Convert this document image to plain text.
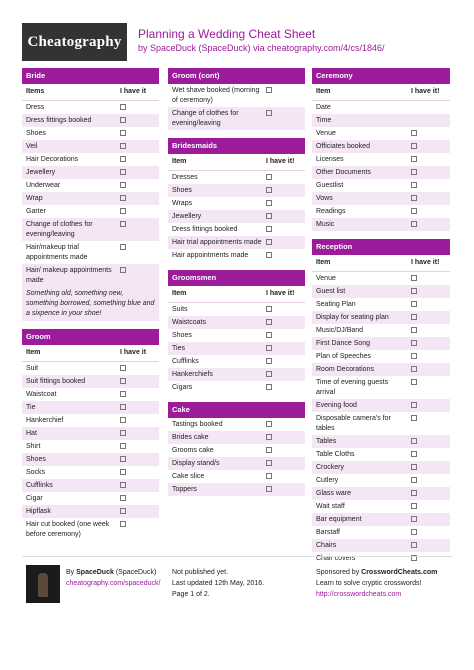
Cheatography	Planning a Wedding Cheat Sheet
by SpaceDuck (SpaceDuck) via cheatography.com/4/cs/1846/
Bride
Items	I have it
Dress
Dress fittings booked
Shoes
Veil
Hair Decorations
Jewellery
Underwear
Wrap
Garter
Change of clothes for evening/leaving
Hair/makeup trial appointments made
Hair/ makeup appointments made
Something old, something new, something borrowed, something blue and a sixpence in your shoe!
Groom
Item	I have it
Suit
Suit fittings booked
Waistcoat
Tie
Hankerchief
Hat
Shirt
Shoes
Socks
Cufflinks
Cigar
Hipflask
Hair cut booked (one week before ceremony)
Groom (cont)
Wet shave booked (morning of ceremony)
Change of clothes for evening/leaving
Bridesmaids
Item	I have it!
Dresses
Shoes
Wraps
Jewellery
Dress fittings booked
Hair trial appointments made
Hair appointments made
Groomsmen
Item	I have it!
Suits
Waistcoats
Shoes
Ties
Cufflinks
Hankerchiefs
Cigars
Cake
Tastings booked
Brides cake
Grooms cake
Display stand/s
Cake slice
Toppers
Ceremony
Item	I have it!
Date
Time
Venue
Officiates booked
Licenses
Other Documents
Guestlist
Vows
Readings
Music
Reception
Item	I have it!
Venue
Guest list
Seating Plan
Display for seating plan
Music/DJ/Band
First Dance Song
Plan of Speeches
Room Decorations
Time of evening guests arrival
Evening food
Disposable camera's for tables
Tables
Table Cloths
Crockery
Cutlery
Glass ware
Wait staff
Bar equipment
Barstaff
Chairs
Chair covers
By SpaceDuck (SpaceDuck)
cheatography.com/spaceduck/
Not published yet.
Last updated 12th May, 2016.
Page 1 of 2.
Sponsored by CrosswordCheats.com
Learn to solve cryptic crosswords!
http://crosswordcheats.com
